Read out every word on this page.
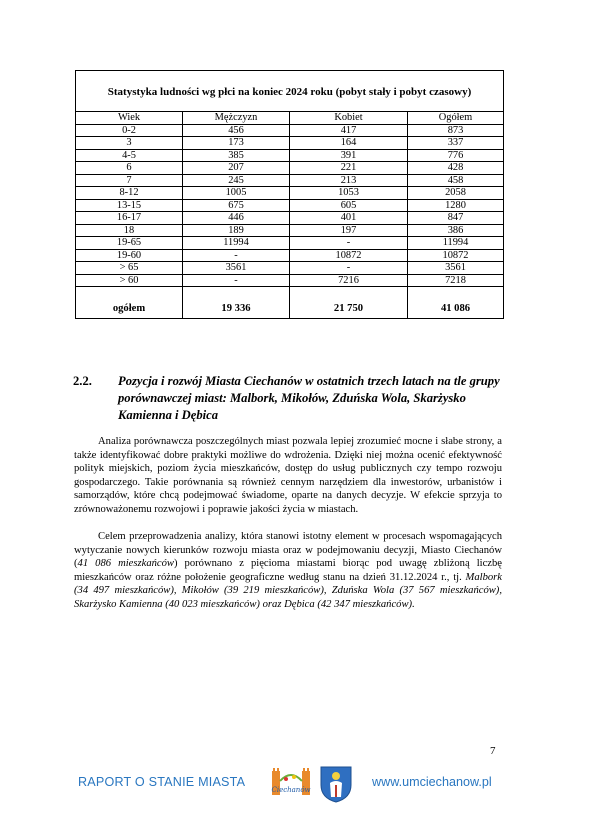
Statystyka ludności wg płci na koniec 2024 roku (pobyt stały i pobyt czasowy)			
Wiek	Mężczyzn	Kobiet	Ogółem
0-2	456	417	873
3	173	164	337
4-5	385	391	776
6	207	221	428
7	245	213	458
8-12	1005	1053	2058
13-15	675	605	1280
16-17	446	401	847
18	189	197	386
19-65	11994	-	11994
19-60	-	10872	10872
> 65	3561	-	3561
> 60	-	7216	7218
ogółem	19 336	21 750	41 086
2.2. Pozycja i rozwój Miasta Ciechanów w ostatnich trzech latach na tle grupy porównawczej miast: Malbork, Mikołów, Zduńska Wola, Skarżysko Kamienna i Dębica

Analiza porównawcza poszczególnych miast pozwala lepiej zrozumieć mocne i słabe strony, a także identyfikować dobre praktyki możliwe do wdrożenia. Dzięki niej można ocenić efektywność polityk miejskich, poziom życia mieszkańców, dostęp do usług publicznych czy tempo rozwoju gospodarczego. Takie porównania są również cennym narzędziem dla inwestorów, urbanistów i samorządów, które chcą podejmować świadome, oparte na danych decyzje. W efekcie sprzyja to zrównoważonemu rozwojowi i poprawie jakości życia w miastach.

Celem przeprowadzenia analizy, która stanowi istotny element w procesach wspomagających wytyczanie nowych kierunków rozwoju miasta oraz w podejmowaniu decyzji, Miasto Ciechanów (41 086 mieszkańców) porównano z pięcioma miastami biorąc pod uwagę zbliżoną liczbę mieszkańców oraz różne położenie geograficzne według stanu na dzień 31.12.2024 r., tj. Malbork (34 497 mieszkańców), Mikołów (39 219 mieszkańców), Zduńska Wola (37 567 mieszkańców), Skarżysko Kamienna (40 023 mieszkańców) oraz Dębica (42 347 mieszkańców).

7
RAPORT O STANIE MIASTA
Ciechanów
www.umciechanow.pl
